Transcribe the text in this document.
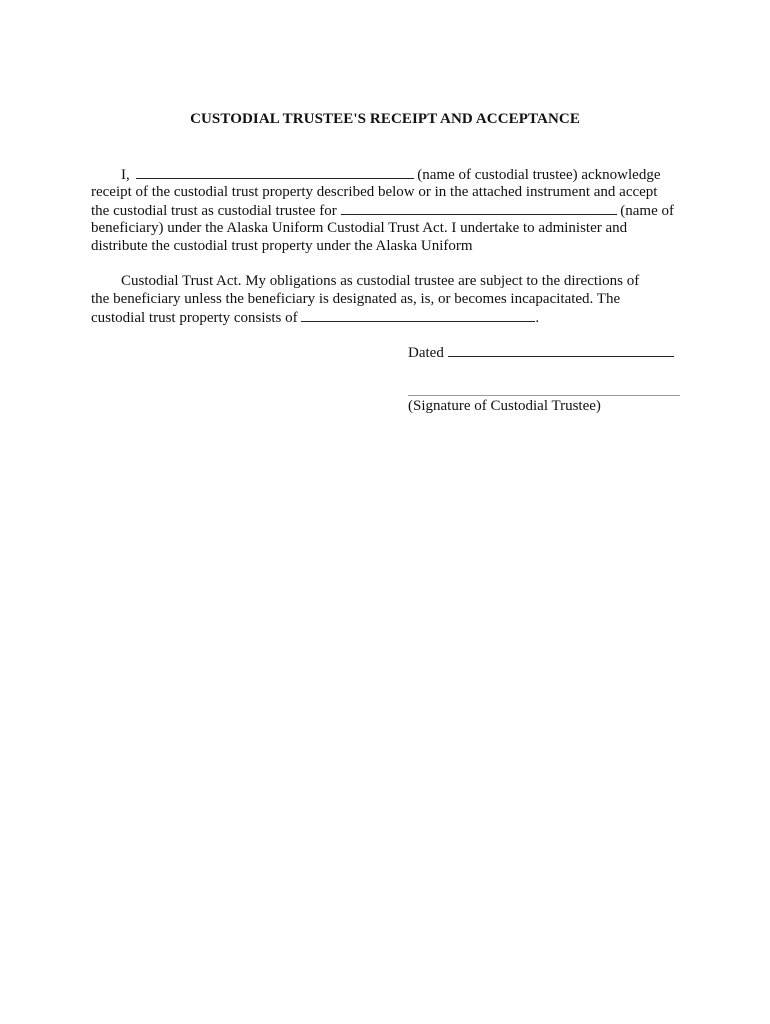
CUSTODIAL TRUSTEE'S RECEIPT AND ACCEPTANCE
I,	(name of custodial trustee) acknowledge
receipt of the custodial trust property described below or in the attached instrument and accept
the custodial trust as custodial trustee for	(name of
beneficiary) under the Alaska Uniform Custodial Trust Act. I undertake to administer and
distribute the custodial trust property under the Alaska Uniform
Custodial Trust Act. My obligations as custodial trustee are subject to the directions of
the beneficiary unless the beneficiary is designated as, is, or becomes incapacitated. The
custodial trust property consists of	.
Dated
(Signature of Custodial Trustee)
